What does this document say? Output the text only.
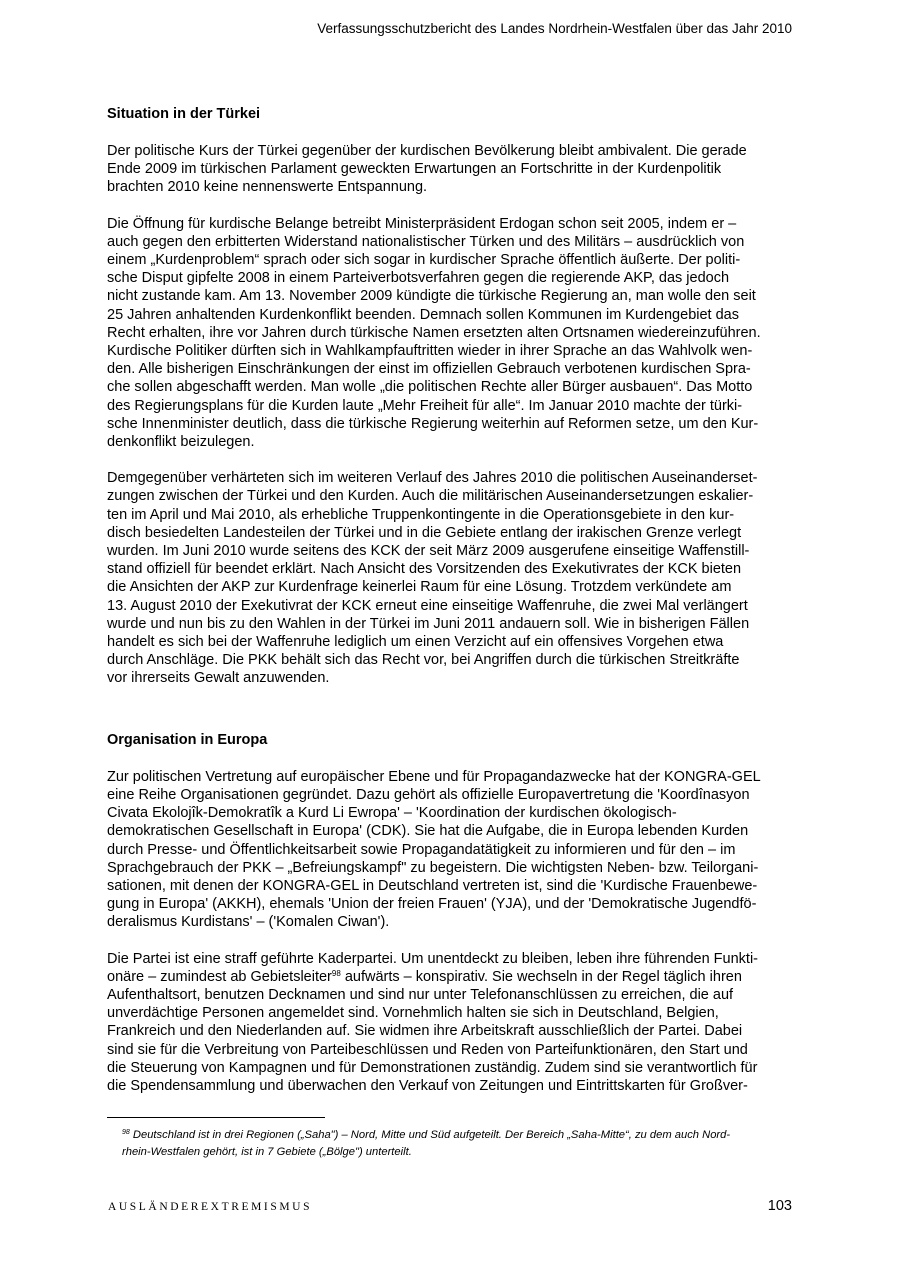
Verfassungsschutzbericht des Landes Nordrhein-Westfalen über das Jahr 2010
Situation in der Türkei
Der politische Kurs der Türkei gegenüber der kurdischen Bevölkerung bleibt ambivalent. Die gerade
Ende 2009 im türkischen Parlament geweckten Erwartungen an Fortschritte in der Kurdenpolitik
brachten 2010 keine nennenswerte Entspannung.
Die Öffnung für kurdische Belange betreibt Ministerpräsident Erdogan schon seit 2005, indem er –
auch gegen den erbitterten Widerstand nationalistischer Türken und des Militärs – ausdrücklich von
einem „Kurdenproblem“ sprach oder sich sogar in kurdischer Sprache öffentlich äußerte. Der politi-
sche Disput gipfelte 2008 in einem Parteiverbotsverfahren gegen die regierende AKP, das jedoch
nicht zustande kam. Am 13. November 2009 kündigte die türkische Regierung an, man wolle den seit
25 Jahren anhaltenden Kurdenkonflikt beenden. Demnach sollen Kommunen im Kurdengebiet das
Recht erhalten, ihre vor Jahren durch türkische Namen ersetzten alten Ortsnamen wiedereinzuführen.
Kurdische Politiker dürften sich in Wahlkampfauftritten wieder in ihrer Sprache an das Wahlvolk wen-
den. Alle bisherigen Einschränkungen der einst im offiziellen Gebrauch verbotenen kurdischen Spra-
che sollen abgeschafft werden. Man wolle „die politischen Rechte aller Bürger ausbauen“. Das Motto
des Regierungsplans für die Kurden laute „Mehr Freiheit für alle“. Im Januar 2010 machte der türki-
sche Innenminister deutlich, dass die türkische Regierung weiterhin auf Reformen setze, um den Kur-
denkonflikt beizulegen.
Demgegenüber verhärteten sich im weiteren Verlauf des Jahres 2010 die politischen Auseinanderset-
zungen zwischen der Türkei und den Kurden. Auch die militärischen Auseinandersetzungen eskalier-
ten im April und Mai 2010, als erhebliche Truppenkontingente in die Operationsgebiete in den kur-
disch besiedelten Landesteilen der Türkei und in die Gebiete entlang der irakischen Grenze verlegt
wurden. Im Juni 2010 wurde seitens des KCK der seit März 2009 ausgerufene einseitige Waffenstill-
stand offiziell für beendet erklärt. Nach Ansicht des Vorsitzenden des Exekutivrates der KCK bieten
die Ansichten der AKP zur Kurdenfrage keinerlei Raum für eine Lösung. Trotzdem verkündete am
13. August 2010 der Exekutivrat der KCK erneut eine einseitige Waffenruhe, die zwei Mal verlängert
wurde und nun bis zu den Wahlen in der Türkei im Juni 2011 andauern soll. Wie in bisherigen Fällen
handelt es sich bei der Waffenruhe lediglich um einen Verzicht auf ein offensives Vorgehen etwa
durch Anschläge. Die PKK behält sich das Recht vor, bei Angriffen durch die türkischen Streitkräfte
vor ihrerseits Gewalt anzuwenden.
Organisation in Europa
Zur politischen Vertretung auf europäischer Ebene und für Propagandazwecke hat der KONGRA-GEL
eine Reihe Organisationen gegründet. Dazu gehört als offizielle Europavertretung die 'Koordînasyon
Civata Ekolojîk-Demokratîk a Kurd Li Ewropa' – 'Koordination der kurdischen ökologisch-
demokratischen Gesellschaft in Europa' (CDK). Sie hat die Aufgabe, die in Europa lebenden Kurden
durch Presse- und Öffentlichkeitsarbeit sowie Propagandatätigkeit zu informieren und für den – im
Sprachgebrauch der PKK – „Befreiungskampf" zu begeistern. Die wichtigsten Neben- bzw. Teilorgani-
sationen, mit denen der KONGRA-GEL in Deutschland vertreten ist, sind die 'Kurdische Frauenbewe-
gung in Europa' (AKKH), ehemals 'Union der freien Frauen' (YJA), und der 'Demokratische Jugendfö-
deralismus Kurdistans' – ('Komalen Ciwan').
Die Partei ist eine straff geführte Kaderpartei. Um unentdeckt zu bleiben, leben ihre führenden Funkti-
onäre – zumindest ab Gebietsleiter$^{98}$ aufwärts – konspirativ. Sie wechseln in der Regel täglich ihren
Aufenthaltsort, benutzen Decknamen und sind nur unter Telefonanschlüssen zu erreichen, die auf
unverdächtige Personen angemeldet sind. Vornehmlich halten sie sich in Deutschland, Belgien,
Frankreich und den Niederlanden auf. Sie widmen ihre Arbeitskraft ausschließlich der Partei. Dabei
sind sie für die Verbreitung von Parteibeschlüssen und Reden von Parteifunktionären, den Start und
die Steuerung von Kampagnen und für Demonstrationen zuständig. Zudem sind sie verantwortlich für
die Spendensammlung und überwachen den Verkauf von Zeitungen und Eintrittskarten für Großver-
$^{98}$ Deutschland ist in drei Regionen („Saha") – Nord, Mitte und Süd aufgeteilt. Der Bereich „Saha-Mitte“, zu dem auch Nord-
rhein-Westfalen gehört, ist in 7 Gebiete („Bölge") unterteilt.
AUSLÄNDEREXTREMISMUS	103
